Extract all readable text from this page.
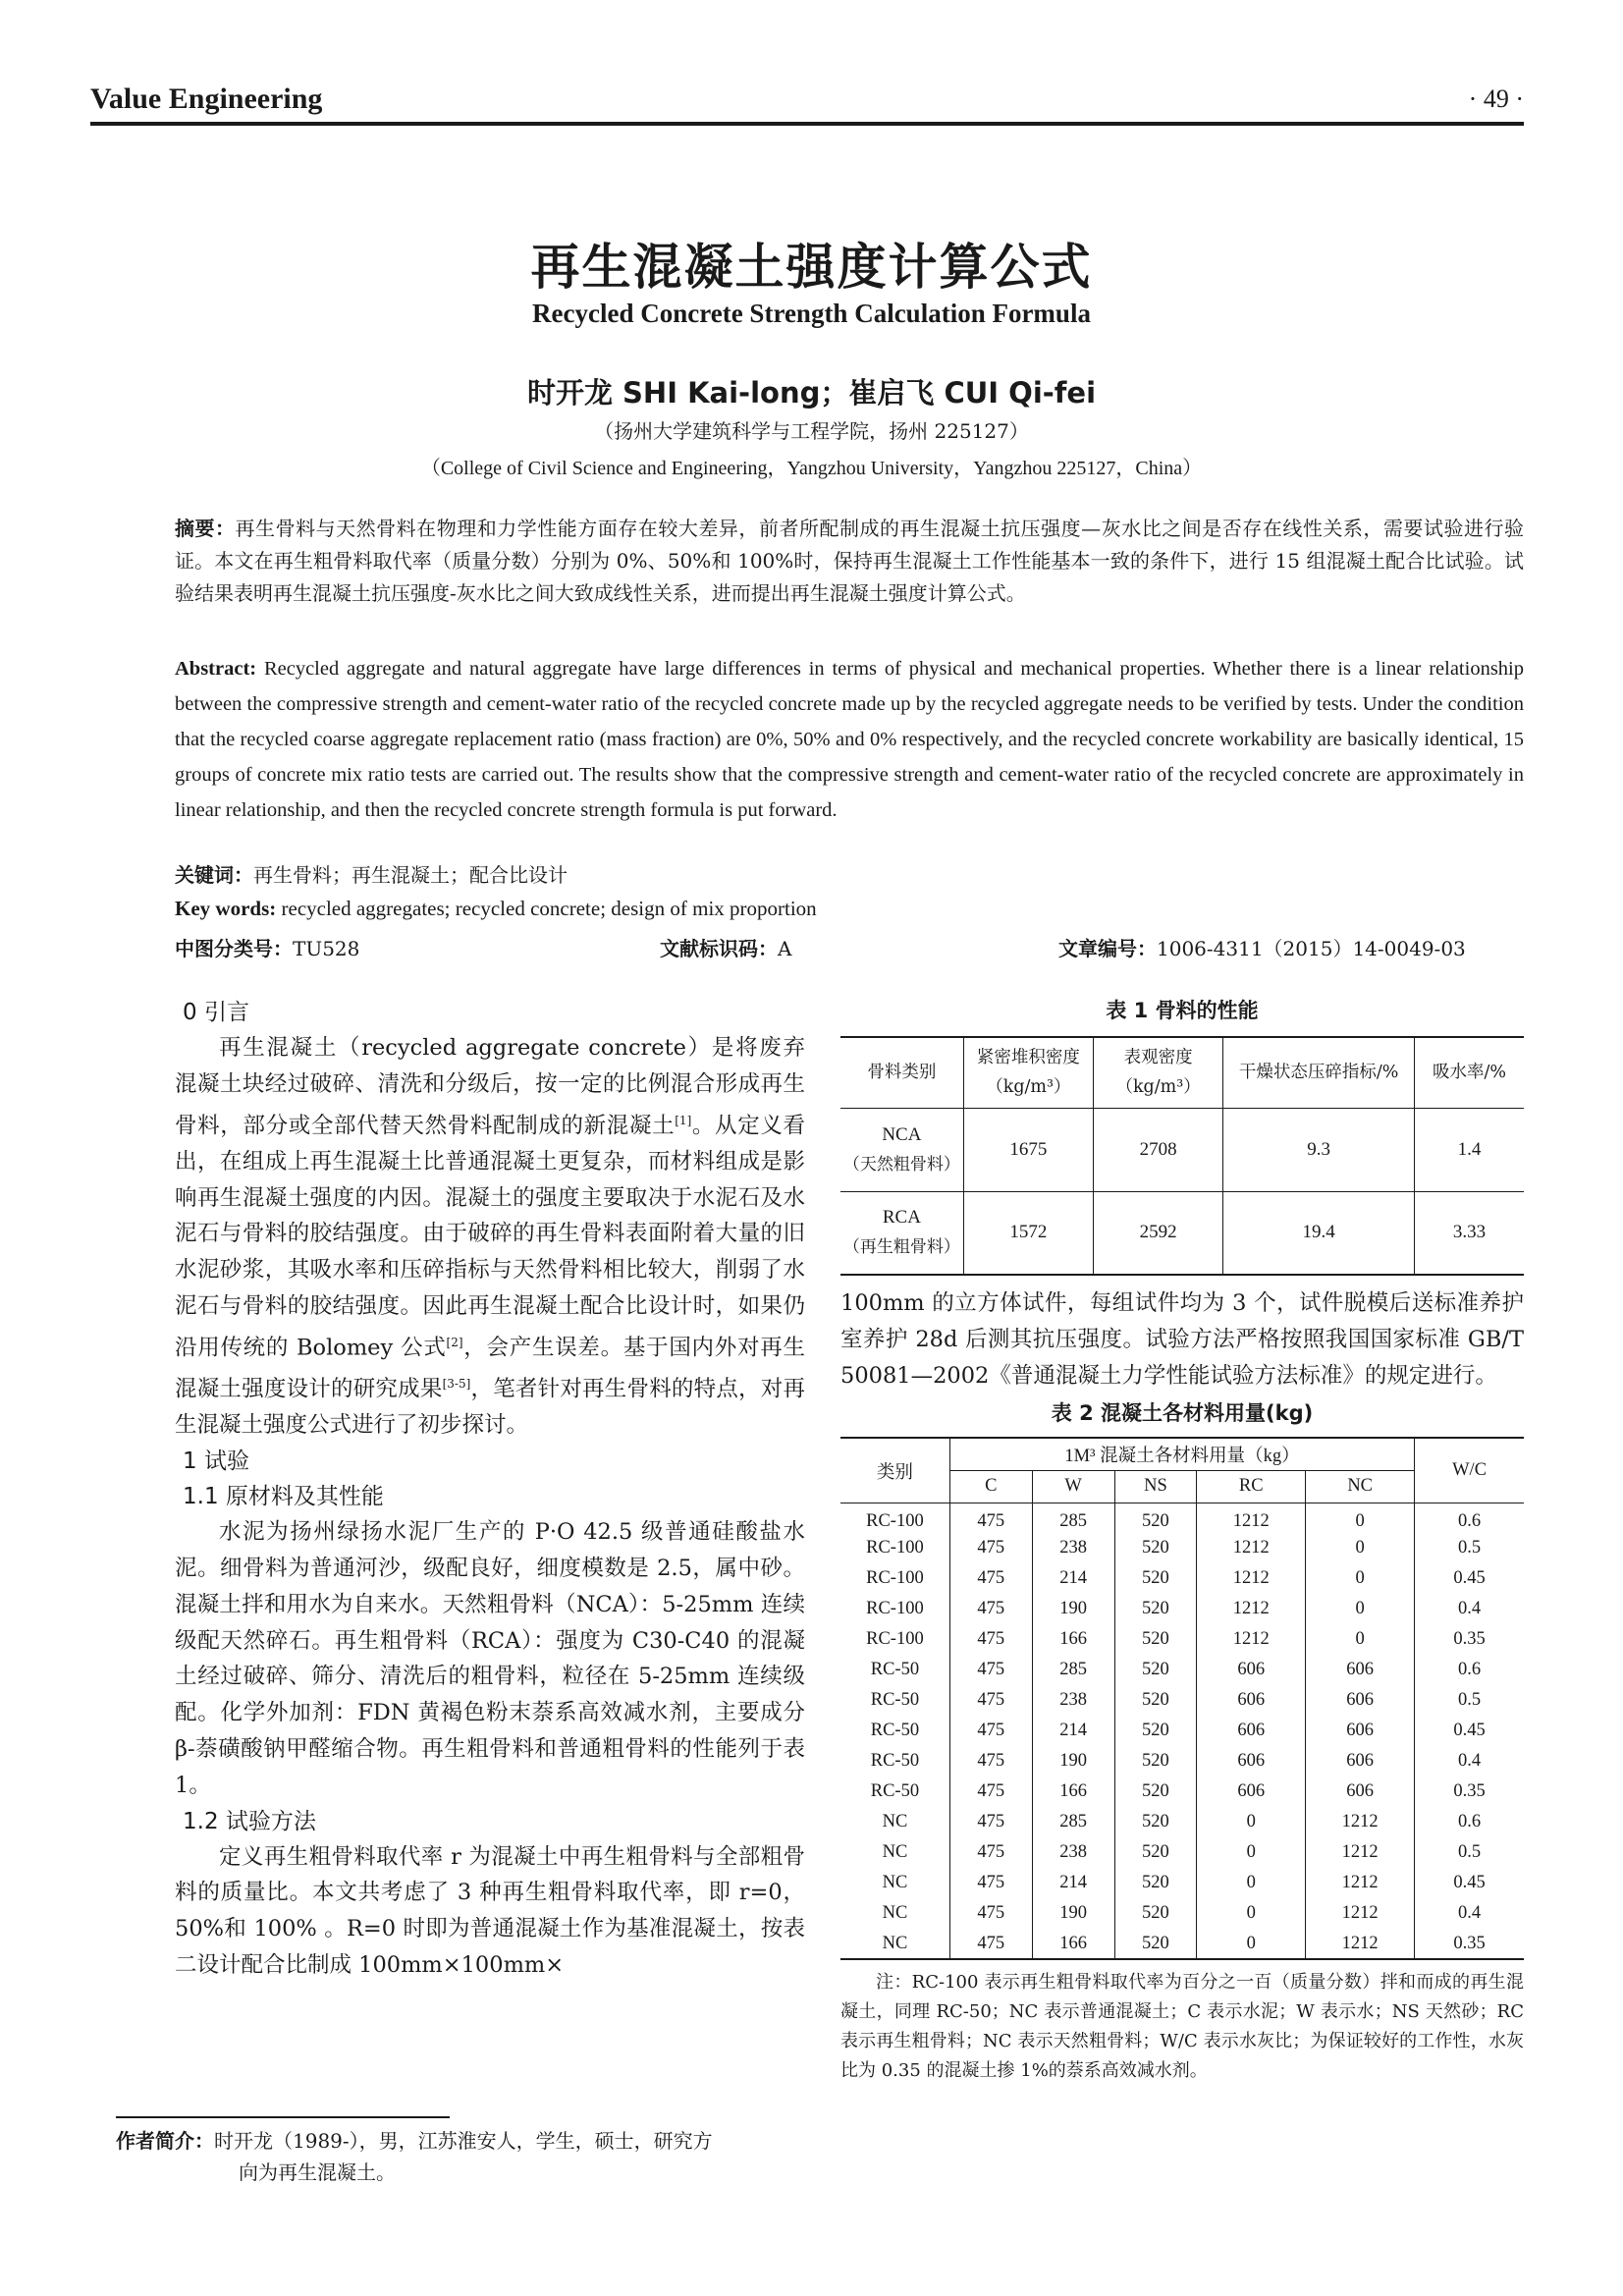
Value Engineering	· 49 ·
再生混凝土强度计算公式
Recycled Concrete Strength Calculation Formula
时开龙 SHI Kai-long；崔启飞 CUI Qi-fei
（扬州大学建筑科学与工程学院，扬州 225127）
（College of Civil Science and Engineering，Yangzhou University，Yangzhou 225127，China）
摘要：再生骨料与天然骨料在物理和力学性能方面存在较大差异，前者所配制成的再生混凝土抗压强度—灰水比之间是否存在线性关系，需要试验进行验证。本文在再生粗骨料取代率（质量分数）分别为 0%、50%和 100%时，保持再生混凝土工作性能基本一致的条件下，进行 15 组混凝土配合比试验。试验结果表明再生混凝土抗压强度-灰水比之间大致成线性关系，进而提出再生混凝土强度计算公式。
Abstract: Recycled aggregate and natural aggregate have large differences in terms of physical and mechanical properties. Whether there is a linear relationship between the compressive strength and cement-water ratio of the recycled concrete made up by the recycled aggregate needs to be verified by tests. Under the condition that the recycled coarse aggregate replacement ratio (mass fraction) are 0%, 50% and 0% respectively, and the recycled concrete workability are basically identical, 15 groups of concrete mix ratio tests are carried out. The results show that the compressive strength and cement-water ratio of the recycled concrete are approximately in linear relationship, and then the recycled concrete strength formula is put forward.
关键词：再生骨料；再生混凝土；配合比设计
Key words: recycled aggregates; recycled concrete; design of mix proportion
中图分类号：TU528	文献标识码：A	文章编号：1006-4311（2015）14-0049-03
0 引言
再生混凝土（recycled aggregate concrete）是将废弃混凝土块经过破碎、清洗和分级后，按一定的比例混合形成再生骨料，部分或全部代替天然骨料配制成的新混凝土[1]。从定义看出，在组成上再生混凝土比普通混凝土更复杂，而材料组成是影响再生混凝土强度的内因。混凝土的强度主要取决于水泥石及水泥石与骨料的胶结强度。由于破碎的再生骨料表面附着大量的旧水泥砂浆，其吸水率和压碎指标与天然骨料相比较大，削弱了水泥石与骨料的胶结强度。因此再生混凝土配合比设计时，如果仍沿用传统的 Bolomey 公式[2]，会产生误差。基于国内外对再生混凝土强度设计的研究成果[3-5]，笔者针对再生骨料的特点，对再生混凝土强度公式进行了初步探讨。
1 试验
1.1 原材料及其性能
水泥为扬州绿扬水泥厂生产的 P·O 42.5 级普通硅酸盐水泥。细骨料为普通河沙，级配良好，细度模数是 2.5，属中砂。混凝土拌和用水为自来水。天然粗骨料（NCA）：5-25mm 连续级配天然碎石。再生粗骨料（RCA）：强度为 C30-C40 的混凝土经过破碎、筛分、清洗后的粗骨料，粒径在 5-25mm 连续级配。化学外加剂：FDN 黄褐色粉末萘系高效减水剂，主要成分 β-萘磺酸钠甲醛缩合物。再生粗骨料和普通粗骨料的性能列于表 1。
1.2 试验方法
定义再生粗骨料取代率 r 为混凝土中再生粗骨料与全部粗骨料的质量比。本文共考虑了 3 种再生粗骨料取代率，即 r=0，50%和 100% 。R=0 时即为普通混凝土作为基准混凝土，按表二设计配合比制成 100mm×100mm×
作者简介：时开龙（1989-），男，江苏淮安人，学生，硕士，研究方
向为再生混凝土。
表 1 骨料的性能
骨料类别	紧密堆积密度（kg/m³）	表观密度（kg/m³）	干燥状态压碎指标/%	吸水率/%
NCA
（天然粗骨料）	1675	2708	9.3	1.4
RCA
（再生粗骨料）	1572	2592	19.4	3.33
100mm 的立方体试件，每组试件均为 3 个，试件脱模后送标准养护室养护 28d 后测其抗压强度。试验方法严格按照我国国家标准 GB/T 50081—2002《普通混凝土力学性能试验方法标准》的规定进行。
表 2 混凝土各材料用量(kg)
类别	1M³ 混凝土各材料用量（kg）					W/C
	C	W	NS	RC	NC	
RC-100	475	285	520	1212	0	0.6
RC-100	475	238	520	1212	0	0.5
RC-100	475	214	520	1212	0	0.45
RC-100	475	190	520	1212	0	0.4
RC-100	475	166	520	1212	0	0.35
RC-50	475	285	520	606	606	0.6
RC-50	475	238	520	606	606	0.5
RC-50	475	214	520	606	606	0.45
RC-50	475	190	520	606	606	0.4
RC-50	475	166	520	606	606	0.35
NC	475	285	520	0	1212	0.6
NC	475	238	520	0	1212	0.5
NC	475	214	520	0	1212	0.45
NC	475	190	520	0	1212	0.4
NC	475	166	520	0	1212	0.35
注：RC-100 表示再生粗骨料取代率为百分之一百（质量分数）拌和而成的再生混凝土，同理 RC-50；NC 表示普通混凝土；C 表示水泥；W 表示水；NS 天然砂；RC 表示再生粗骨料；NC 表示天然粗骨料；W/C 表示水灰比；为保证较好的工作性，水灰比为 0.35 的混凝土掺 1%的萘系高效减水剂。
